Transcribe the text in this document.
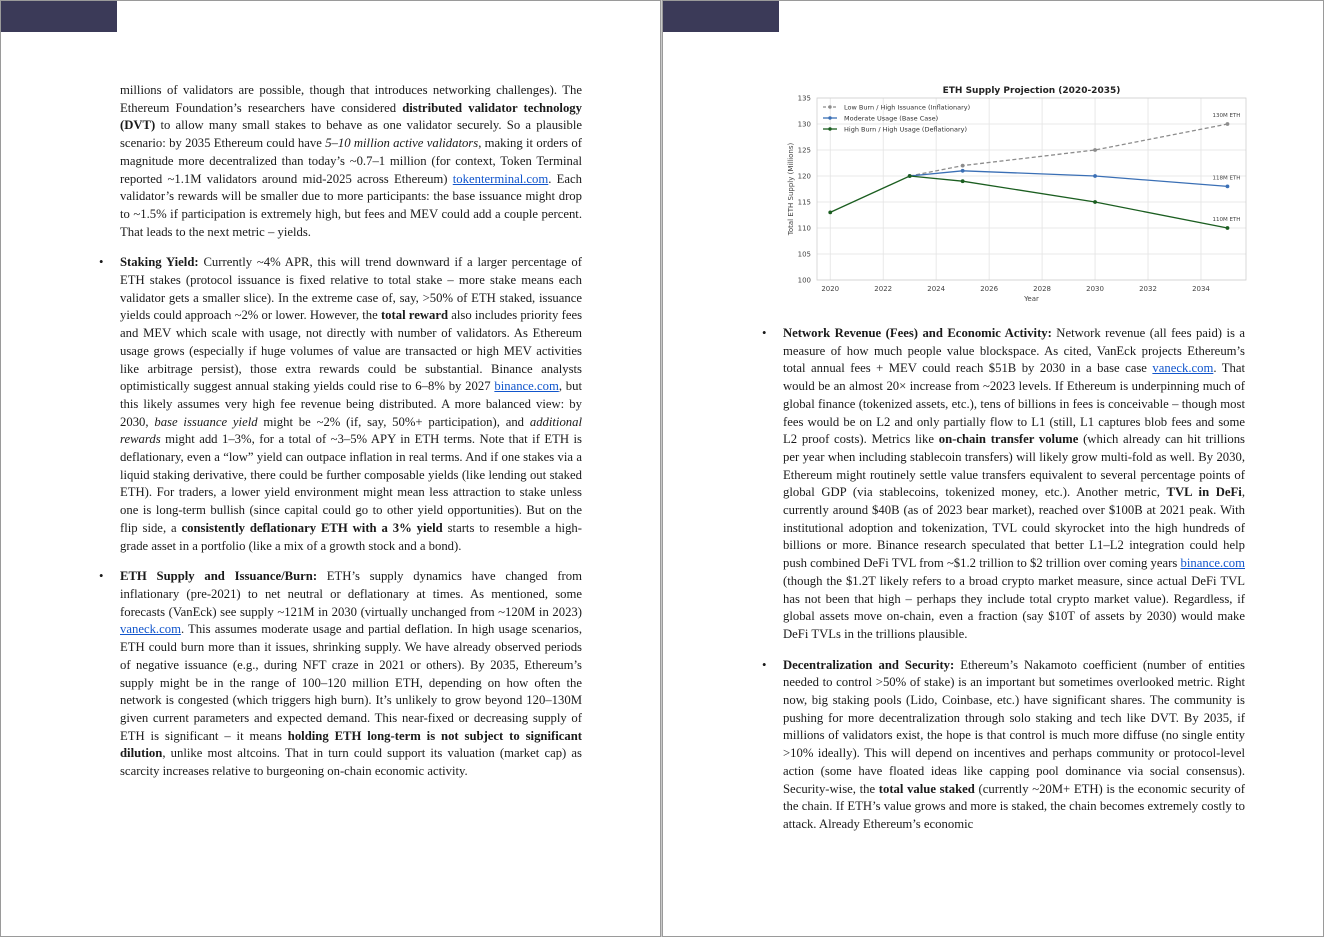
millions of validators are possible, though that introduces networking challenges). The Ethereum Foundation’s researchers have considered distributed validator technology (DVT) to allow many small stakes to behave as one validator securely. So a plausible scenario: by 2035 Ethereum could have 5–10 million active validators, making it orders of magnitude more decentralized than today’s ~0.7–1 million (for context, Token Terminal reported ~1.1M validators around mid-2025 across Ethereum) tokenterminal.com. Each validator’s rewards will be smaller due to more participants: the base issuance might drop to ~1.5% if participation is extremely high, but fees and MEV could add a couple percent. That leads to the next metric – yields.

• Staking Yield: Currently ~4% APR, this will trend downward if a larger percentage of ETH stakes (protocol issuance is fixed relative to total stake – more stake means each validator gets a smaller slice). In the extreme case of, say, >50% of ETH staked, issuance yields could approach ~2% or lower. However, the total reward also includes priority fees and MEV which scale with usage, not directly with number of validators. As Ethereum usage grows (especially if huge volumes of value are transacted or high MEV activities like arbitrage persist), those extra rewards could be substantial. Binance analysts optimistically suggest annual staking yields could rise to 6–8% by 2027 binance.com, but this likely assumes very high fee revenue being distributed. A more balanced view: by 2030, base issuance yield might be ~2% (if, say, 50%+ participation), and additional rewards might add 1–3%, for a total of ~3–5% APY in ETH terms. Note that if ETH is deflationary, even a “low” yield can outpace inflation in real terms. And if one stakes via a liquid staking derivative, there could be further composable yields (like lending out staked ETH). For traders, a lower yield environment might mean less attraction to stake unless one is long-term bullish (since capital could go to other yield opportunities). But on the flip side, a consistently deflationary ETH with a 3% yield starts to resemble a high-grade asset in a portfolio (like a mix of a growth stock and a bond).

• ETH Supply and Issuance/Burn: ETH’s supply dynamics have changed from inflationary (pre-2021) to net neutral or deflationary at times. As mentioned, some forecasts (VanEck) see supply ~121M in 2030 (virtually unchanged from ~120M in 2023) vaneck.com. This assumes moderate usage and partial deflation. In high usage scenarios, ETH could burn more than it issues, shrinking supply. We have already observed periods of negative issuance (e.g., during NFT craze in 2021 or others). By 2035, Ethereum’s supply might be in the range of 100–120 million ETH, depending on how often the network is congested (which triggers high burn). It’s unlikely to grow beyond 120–130M given current parameters and expected demand. This near-fixed or decreasing supply of ETH is significant – it means holding ETH long-term is not subject to significant dilution, unlike most altcoins. That in turn could support its valuation (market cap) as scarcity increases relative to burgeoning on-chain economic activity.

2020	2022	2024	2026	2028	2030	2032	2034
100
105
110
115
120
125
130
135
ETH Supply Projection (2020-2035)
Year
Total ETH Supply (Millions)
130M ETH
Low Burn / High Issuance (Inflationary)
118M ETH
Moderate Usage (Base Case)
110M ETH
High Burn / High Usage (Deflationary)

• Network Revenue (Fees) and Economic Activity: Network revenue (all fees paid) is a measure of how much people value blockspace. As cited, VanEck projects Ethereum’s total annual fees + MEV could reach $51B by 2030 in a base case vaneck.com. That would be an almost 20× increase from ~2023 levels. If Ethereum is underpinning much of global finance (tokenized assets, etc.), tens of billions in fees is conceivable – though most fees would be on L2 and only partially flow to L1 (still, L1 captures blob fees and some L2 proof costs). Metrics like on-chain transfer volume (which already can hit trillions per year when including stablecoin transfers) will likely grow multi-fold as well. By 2030, Ethereum might routinely settle value transfers equivalent to several percentage points of global GDP (via stablecoins, tokenized money, etc.). Another metric, TVL in DeFi, currently around $40B (as of 2023 bear market), reached over $100B at 2021 peak. With institutional adoption and tokenization, TVL could skyrocket into the high hundreds of billions or more. Binance research speculated that better L1–L2 integration could help push combined DeFi TVL from ~$1.2 trillion to $2 trillion over coming years binance.com (though the $1.2T likely refers to a broad crypto market measure, since actual DeFi TVL has not been that high – perhaps they include total crypto market value). Regardless, if global assets move on-chain, even a fraction (say $10T of assets by 2030) would make DeFi TVLs in the trillions plausible.

• Decentralization and Security: Ethereum’s Nakamoto coefficient (number of entities needed to control >50% of stake) is an important but sometimes overlooked metric. Right now, big staking pools (Lido, Coinbase, etc.) have significant shares. The community is pushing for more decentralization through solo staking and tech like DVT. By 2035, if millions of validators exist, the hope is that control is much more diffuse (no single entity >10% ideally). This will depend on incentives and perhaps community or protocol-level action (some have floated ideas like capping pool dominance via social consensus). Security-wise, the total value staked (currently ~20M+ ETH) is the economic security of the chain. If ETH’s value grows and more is staked, the chain becomes extremely costly to attack. Already Ethereum’s economic
